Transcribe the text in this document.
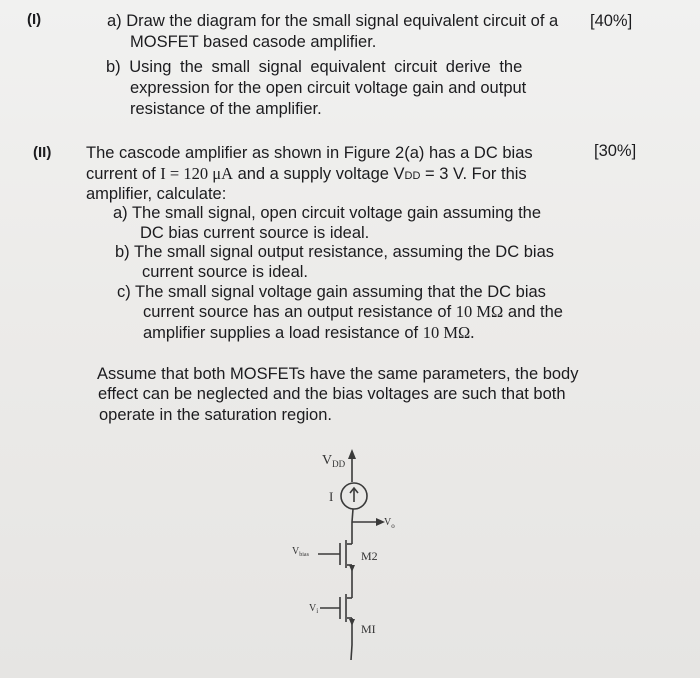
(I)	a) Draw the diagram for the small signal equivalent circuit of a [40%]
MOSFET based casode amplifier.
b) Using the small signal equivalent circuit derive the
expression for the open circuit voltage gain and output
resistance of the amplifier.
(II) The cascode amplifier as shown in Figure 2(a) has a DC bias	[30%]
current of I = 120 μA and a supply voltage VDD = 3 V. For this
amplifier, calculate:
a) The small signal, open circuit voltage gain assuming the
DC bias current source is ideal.
b) The small signal output resistance, assuming the DC bias
current source is ideal.
c) The small signal voltage gain assuming that the DC bias
current source has an output resistance of 10 MΩ and the
amplifier supplies a load resistance of 10 MΩ.
Assume that both MOSFETs have the same parameters, the body
effect can be neglected and the bias voltages are such that both
operate in the saturation region.
$V_{DD}$
I
$V_o$
$V_{bias}$	M2
$V_i$
MI
